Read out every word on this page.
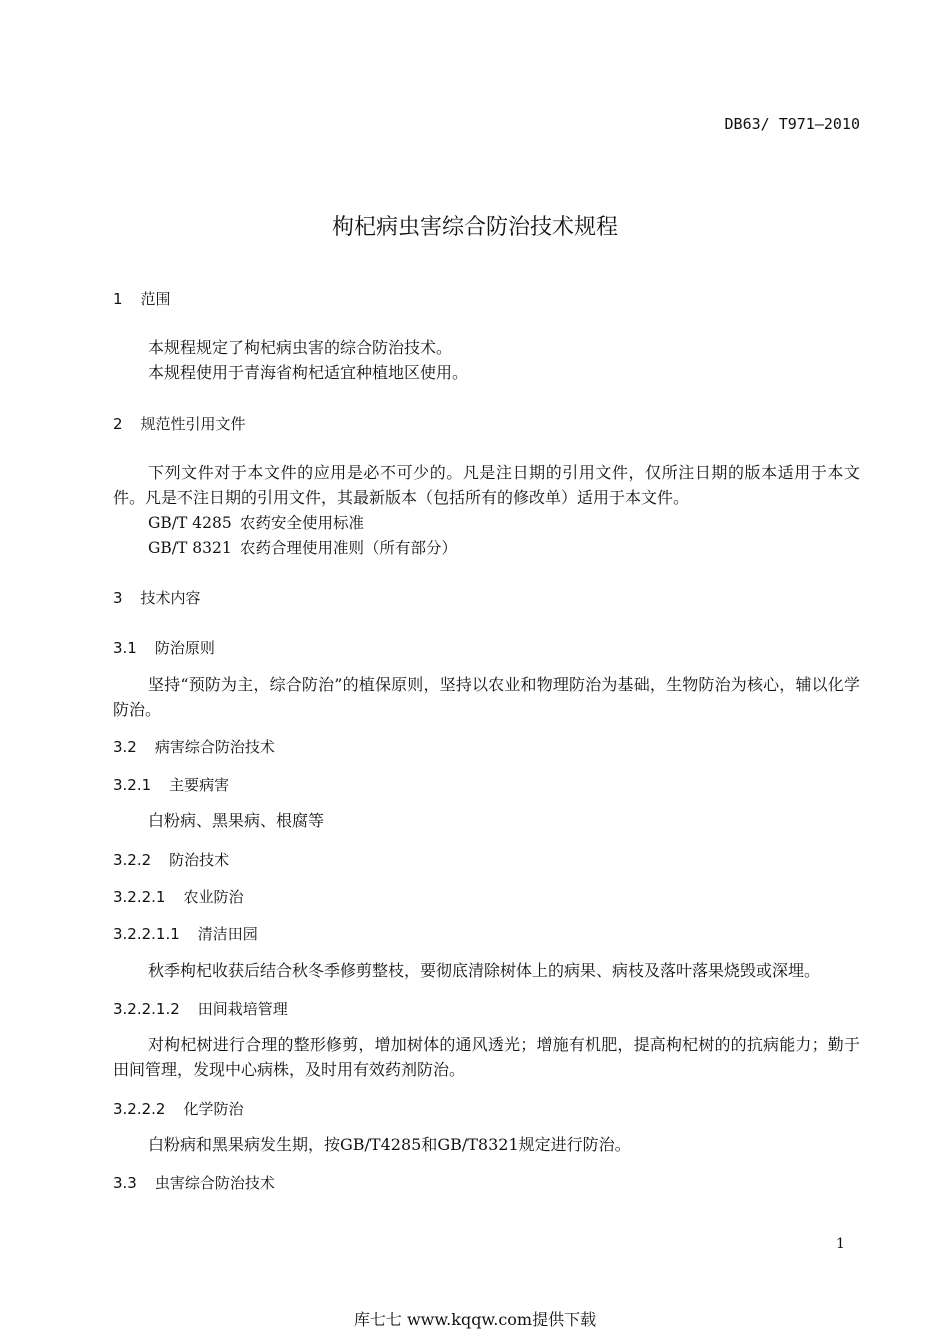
DB63/ T971—2010
枸杞病虫害综合防治技术规程
1 范围
本规程规定了枸杞病虫害的综合防治技术。
本规程使用于青海省枸杞适宜种植地区使用。
2 规范性引用文件
下列文件对于本文件的应用是必不可少的。凡是注日期的引用文件，仅所注日期的版本适用于本文件。凡是不注日期的引用文件，其最新版本（包括所有的修改单）适用于本文件。
GB/T 4285 农药安全使用标准
GB/T 8321 农药合理使用准则（所有部分）
3 技术内容
3.1 防治原则
坚持“预防为主，综合防治”的植保原则，坚持以农业和物理防治为基础，生物防治为核心，辅以化学防治。
3.2 病害综合防治技术
3.2.1 主要病害
白粉病、黑果病、根腐等
3.2.2 防治技术
3.2.2.1 农业防治
3.2.2.1.1 清洁田园
秋季枸杞收获后结合秋冬季修剪整枝，要彻底清除树体上的病果、病枝及落叶落果烧毁或深埋。
3.2.2.1.2 田间栽培管理
对枸杞树进行合理的整形修剪，增加树体的通风透光；增施有机肥，提高枸杞树的的抗病能力；勤于田间管理，发现中心病株，及时用有效药剂防治。
3.2.2.2 化学防治
白粉病和黑果病发生期，按GB/T4285和GB/T8321规定进行防治。
3.3 虫害综合防治技术
1
库七七 www.kqqw.com提供下载
